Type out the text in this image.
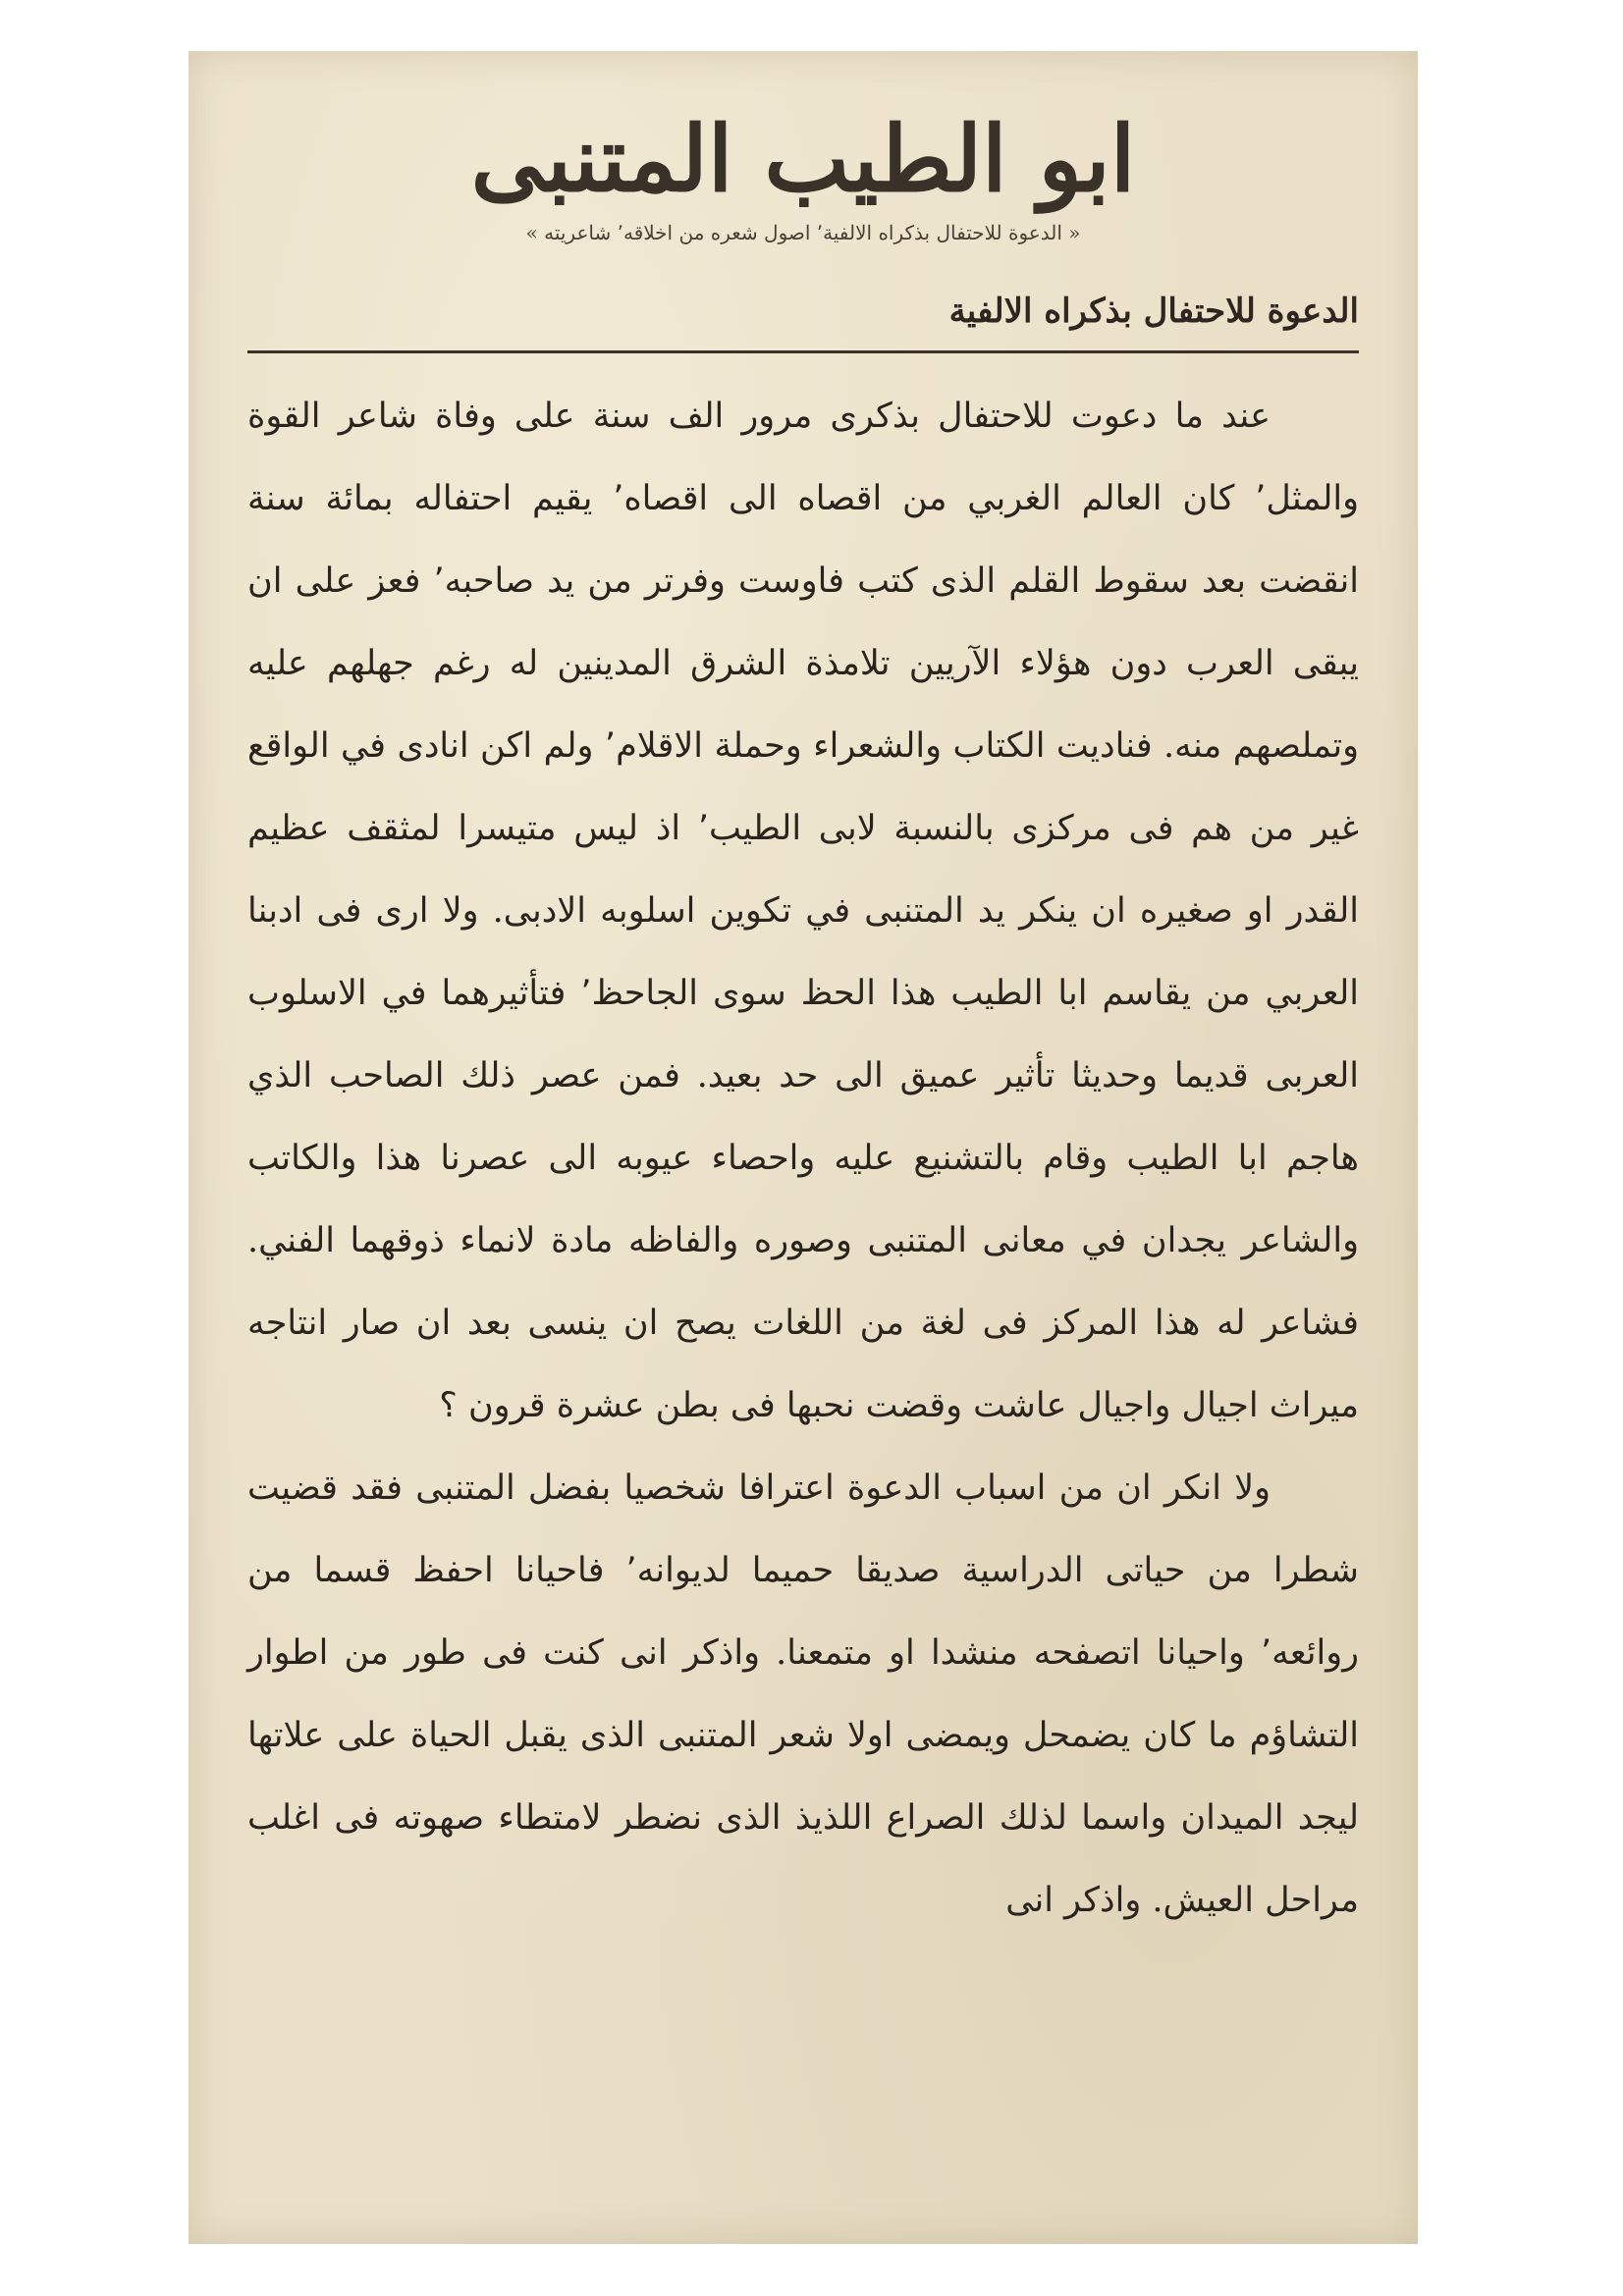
ابو الطيب المتنبى
« الدعوة للاحتفال بذكراه الالفية٬ اصول شعره من اخلاقه٬ شاعريته »
الدعوة للاحتفال بذكراه الالفية

عند ما دعوت للاحتفال بذكرى مرور الف سنة على وفاة شاعر القوة والمثل٬ كان العالم الغربي من اقصاه الى اقصاه٬ يقيم احتفاله بمائة سنة انقضت بعد سقوط القلم الذى كتب فاوست وفرتر من يد صاحبه٬ فعز على ان يبقى العرب دون هؤلاء الآريين تلامذة الشرق المدينين له رغم جهلهم عليه وتملصهم منه. فناديت الكتاب والشعراء وحملة الاقلام٬ ولم اكن انادى في الواقع غير من هم فى مركزى بالنسبة لابى الطيب٬ اذ ليس متيسرا لمثقف عظيم القدر او صغيره ان ينكر يد المتنبى في تكوين اسلوبه الادبى. ولا ارى فى ادبنا العربي من يقاسم ابا الطيب هذا الحظ سوى الجاحظ٬ فتأثيرهما في الاسلوب العربى قديما وحديثا تأثير عميق الى حد بعيد. فمن عصر ذلك الصاحب الذي هاجم ابا الطيب وقام بالتشنيع عليه واحصاء عيوبه الى عصرنا هذا والكاتب والشاعر يجدان في معانى المتنبى وصوره والفاظه مادة لانماء ذوقهما الفني. فشاعر له هذا المركز فى لغة من اللغات يصح ان ينسى بعد ان صار انتاجه ميراث اجيال واجيال عاشت وقضت نحبها فى بطن عشرة قرون ؟

ولا انكر ان من اسباب الدعوة اعترافا شخصيا بفضل المتنبى فقد قضيت شطرا من حياتى الدراسية صديقا حميما لديوانه٬ فاحيانا احفظ قسما من روائعه٬ واحيانا اتصفحه منشدا او متمعنا. واذكر انى كنت فى طور من اطوار التشاؤم ما كان يضمحل ويمضى اولا شعر المتنبى الذى يقبل الحياة على علاتها ليجد الميدان واسما لذلك الصراع اللذيذ الذى نضطر لامتطاء صهوته فى اغلب مراحل العيش. واذكر انى
